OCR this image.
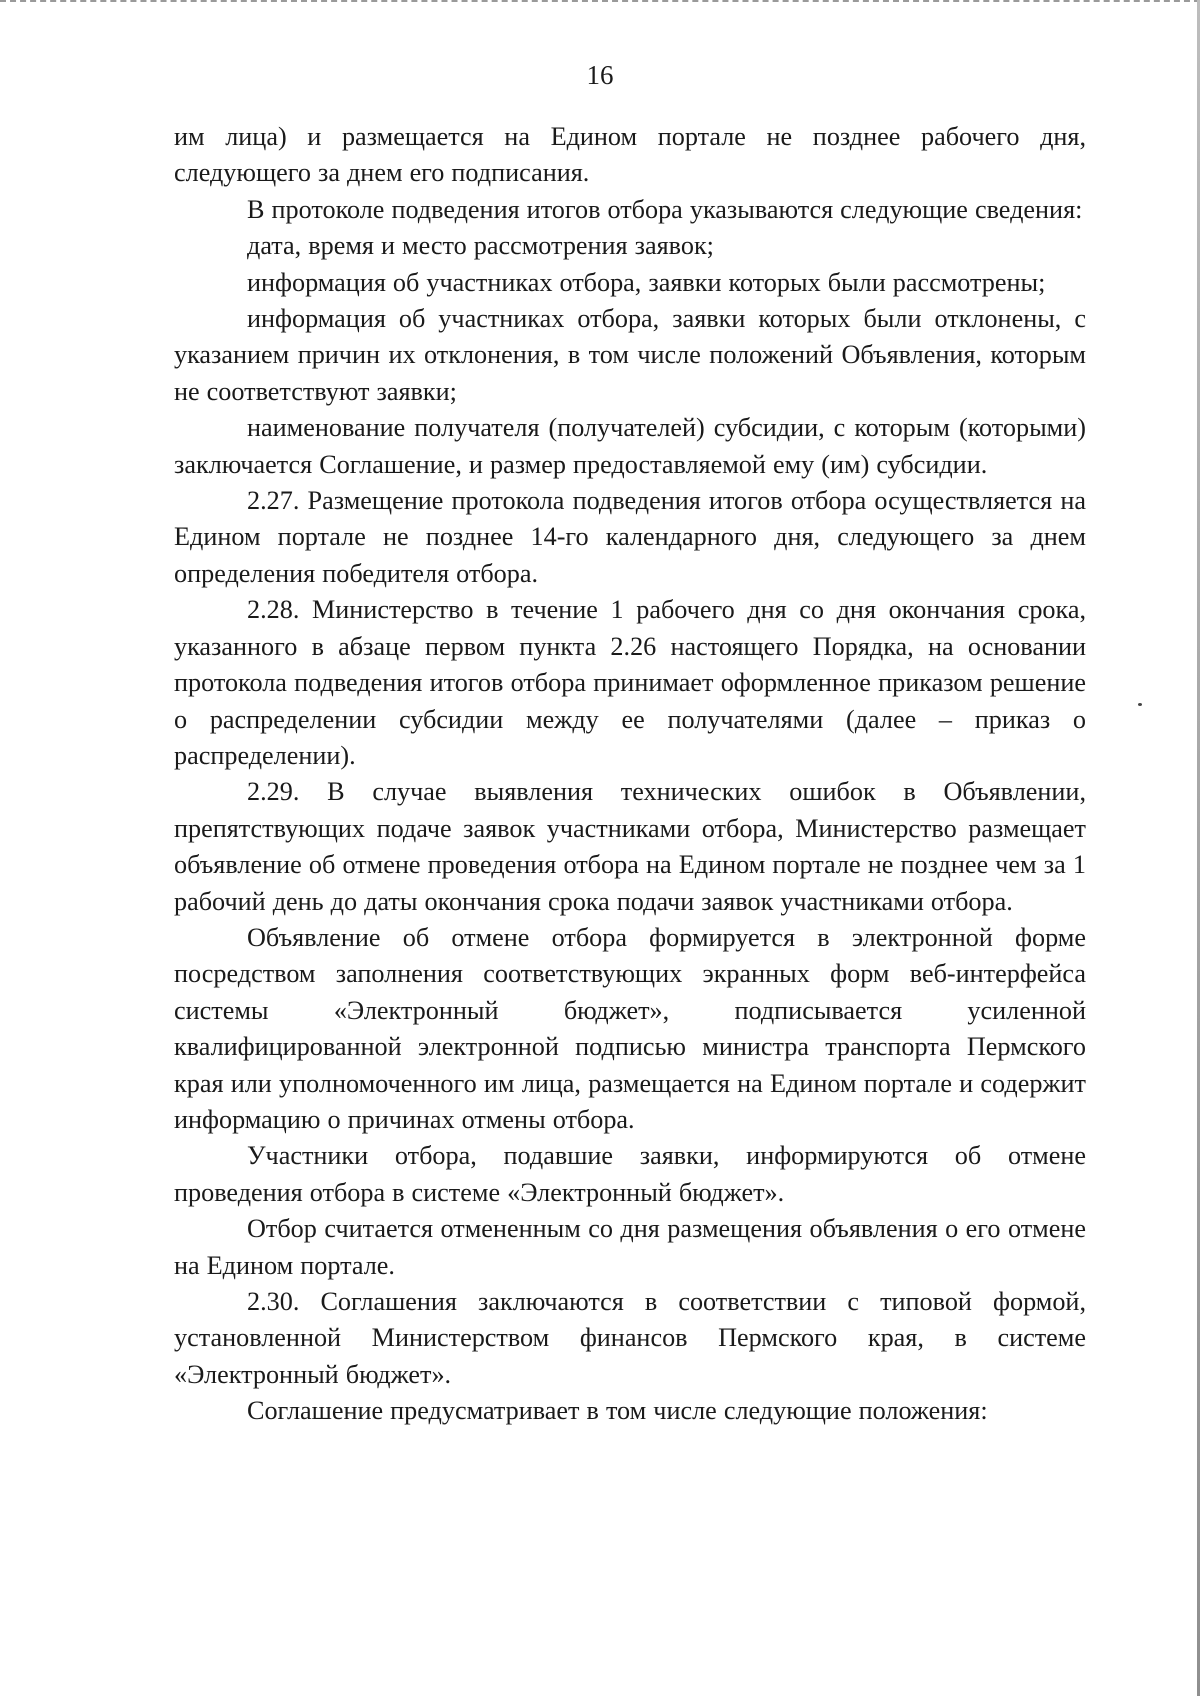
16

им лица) и размещается на Едином портале не позднее рабочего дня, следующего за днем его подписания.

В протоколе подведения итогов отбора указываются следующие сведения:

дата, время и место рассмотрения заявок;

информация об участниках отбора, заявки которых были рассмотрены;

информация об участниках отбора, заявки которых были отклонены, с указанием причин их отклонения, в том числе положений Объявления, которым не соответствуют заявки;

наименование получателя (получателей) субсидии, с которым (которыми) заключается Соглашение, и размер предоставляемой ему (им) субсидии.

2.27. Размещение протокола подведения итогов отбора осуществляется на Едином портале не позднее 14-го календарного дня, следующего за днем определения победителя отбора.

2.28. Министерство в течение 1 рабочего дня со дня окончания срока, указанного в абзаце первом пункта 2.26 настоящего Порядка, на основании протокола подведения итогов отбора принимает оформленное приказом решение о распределении субсидии между ее получателями (далее – приказ о распределении).

2.29. В случае выявления технических ошибок в Объявлении, препятствующих подаче заявок участниками отбора, Министерство размещает объявление об отмене проведения отбора на Едином портале не позднее чем за 1 рабочий день до даты окончания срока подачи заявок участниками отбора.

Объявление об отмене отбора формируется в электронной форме посредством заполнения соответствующих экранных форм веб-интерфейса системы «Электронный бюджет», подписывается усиленной квалифицированной электронной подписью министра транспорта Пермского края или уполномоченного им лица, размещается на Едином портале и содержит информацию о причинах отмены отбора.

Участники отбора, подавшие заявки, информируются об отмене проведения отбора в системе «Электронный бюджет».

Отбор считается отмененным со дня размещения объявления о его отмене на Едином портале.

2.30. Соглашения заключаются в соответствии с типовой формой, установленной Министерством финансов Пермского края, в системе «Электронный бюджет».

Соглашение предусматривает в том числе следующие положения:
